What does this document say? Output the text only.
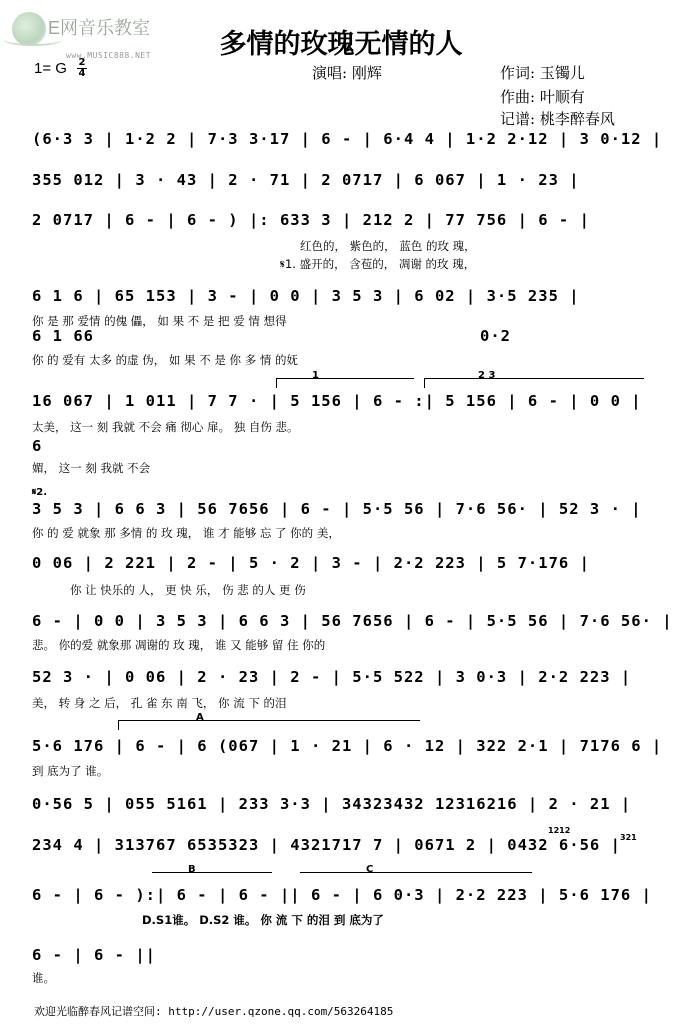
E网音乐教室
www.MUSIC888.NET	多情的玫瑰无情的人
1= G 2
4	演唱: 刚辉	作词: 玉镯儿
作曲: 叶顺有
记谱: 桃李醉春风
(6·3 3 | 1·2 2 | 7·3 3·17 | 6 - | 6·4 4 | 1·2 2·12 | 3 0·12 |
355 012 | 3 · 43 | 2 · 71 | 2 0717 | 6 067 | 1 · 23 |
2 0717 | 6 - | 6 - ) |: 633 3 | 212 2 | 77 756 | 6 - |
红色的， 紫色的， 蓝色 的玫 瑰，
𝄋1. 盛开的， 含苞的， 凋谢 的玫 瑰，
6 1 6 | 65 153 | 3 - | 0 0 | 3 5 3 | 6 02 | 3·5 235 |
你 是 那 爱情 的傀 儡， 如 果 不 是 把 爱 情 想得
6 1 66	0·2
你 的 爱有 太多 的虚 伪， 如 果 不 是 你 多 情 的妩
1	2 3
16 067 | 1 011 | 7 7 · | 5 156 | 6 - :| 5 156 | 6 - | 0 0 |
太美， 这一 刻 我就 不会 痛 彻心 扉。 独 自伤 悲。
6
媚， 这一 刻 我就 不会
𝄋2.
3 5 3 | 6 6 3 | 56 7656 | 6 - | 5·5 56 | 7·6 56· | 52 3 · |
你 的 爱 就象 那 多情 的 玫 瑰， 谁 才 能够 忘 了 你的 美，
0 06 | 2 221 | 2 - | 5 · 2 | 3 - | 2·2 223 | 5 7·176 |
你 让 快乐的 人， 更 快 乐， 伤 悲 的人 更 伤
6 - | 0 0 | 3 5 3 | 6 6 3 | 56 7656 | 6 - | 5·5 56 | 7·6 56· |
悲。 你的爱 就象那 凋谢的 玫 瑰， 谁 又 能够 留 住 你的
52 3 · | 0 06 | 2 · 23 | 2 - | 5·5 522 | 3 0·3 | 2·2 223 |
美， 转 身 之 后， 孔 雀 东 南 飞， 你 流 下 的泪
A
5·6 176 | 6 - | 6 (067 | 1 · 21 | 6 · 12 | 322 2·1 | 7176 6 |
到 底为了 谁。
0·56 5 | 055 5161 | 233 3·3 | 34323432 12316216 | 2 · 21 |
234 4 | 313767 6535323 | 4321717 7 | 0671 2 | 0432 6·56 |
1212
321
B	C
6 - | 6 - ):| 6 - | 6 - || 6 - | 6 0·3 | 2·2 223 | 5·6 176 |
D.S1谁。 D.S2 谁。 你 流 下 的泪 到 底为了
6 - | 6 - ||
谁。
欢迎光临醉春风记谱空间: http://user.qzone.qq.com/563264185
